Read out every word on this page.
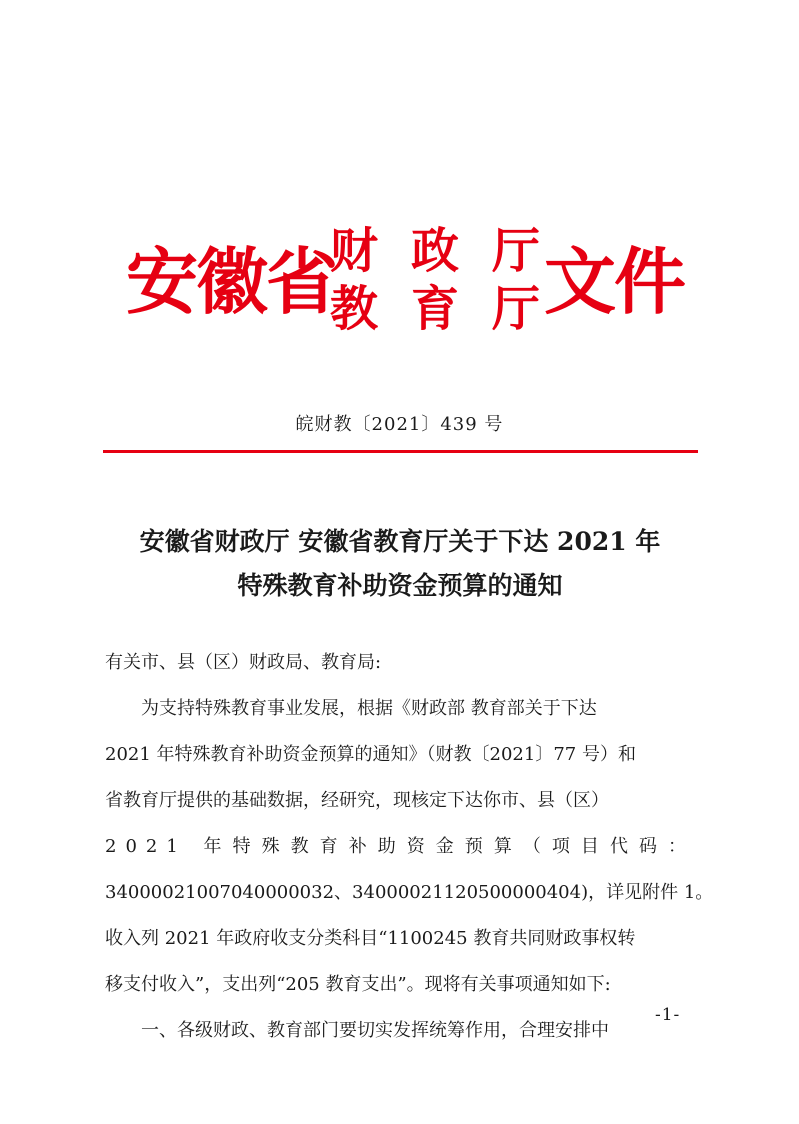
安徽省
财 政 厅
教 育 厅 文件
皖财教〔2021〕439 号
安徽省财政厅 安徽省教育厅关于下达 2021 年
特殊教育补助资金预算的通知
有关市、县（区）财政局、教育局:
为支持特殊教育事业发展，根据《财政部 教育部关于下达
2021 年特殊教育补助资金预算的通知》（财教〔2021〕77 号）和
省教育厅提供的基础数据，经研究，现核定下达你市、县（区）
2021 年特殊教育补助资金预算（项目代码：
34000021007040000032、34000021120500000404)，详见附件 1。
收入列 2021 年政府收支分类科目“1100245 教育共同财政事权转
移支付收入”，支出列“205 教育支出”。现将有关事项通知如下:
一、各级财政、教育部门要切实发挥统筹作用，合理安排中
-1-
